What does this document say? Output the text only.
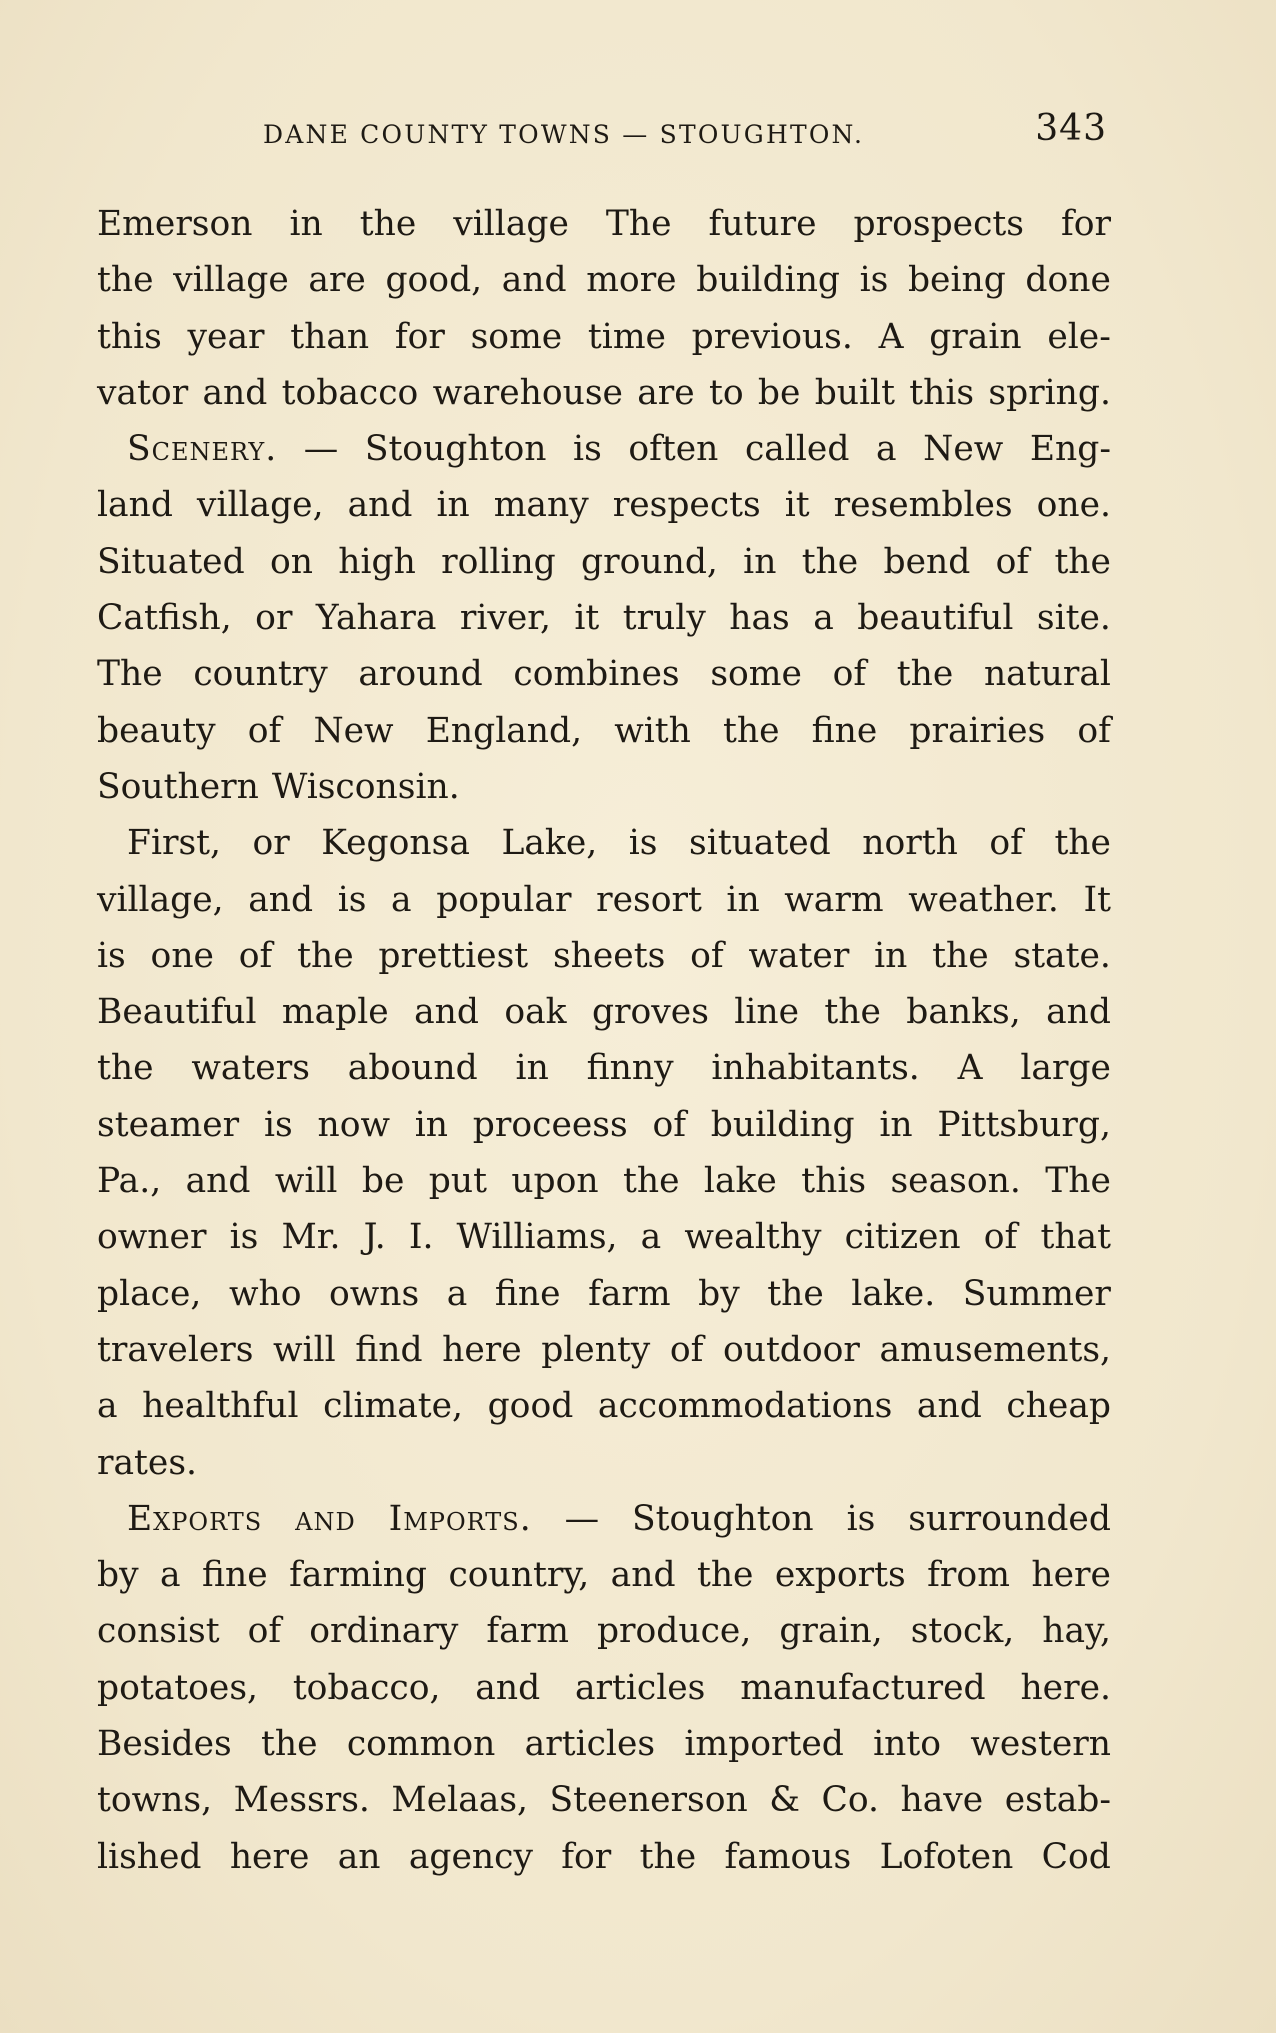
DANE COUNTY TOWNS — STOUGHTON.	343
Emerson in the village The future prospects for
the village are good, and more building is being done
this year than for some time previous. A grain ele-
vator and tobacco warehouse are to be built this spring.
Scenery. — Stoughton is often called a New Eng-
land village, and in many respects it resembles one.
Situated on high rolling ground, in the bend of the
Catfish, or Yahara river, it truly has a beautiful site.
The country around combines some of the natural
beauty of New England, with the fine prairies of
Southern Wisconsin.
First, or Kegonsa Lake, is situated north of the
village, and is a popular resort in warm weather. It
is one of the prettiest sheets of water in the state.
Beautiful maple and oak groves line the banks, and
the waters abound in finny inhabitants. A large
steamer is now in proceess of building in Pittsburg,
Pa., and will be put upon the lake this season. The
owner is Mr. J. I. Williams, a wealthy citizen of that
place, who owns a fine farm by the lake. Summer
travelers will find here plenty of outdoor amusements,
a healthful climate, good accommodations and cheap
rates.
Exports and Imports. — Stoughton is surrounded
by a fine farming country, and the exports from here
consist of ordinary farm produce, grain, stock, hay,
potatoes, tobacco, and articles manufactured here.
Besides the common articles imported into western
towns, Messrs. Melaas, Steenerson & Co. have estab-
lished here an agency for the famous Lofoten Cod
